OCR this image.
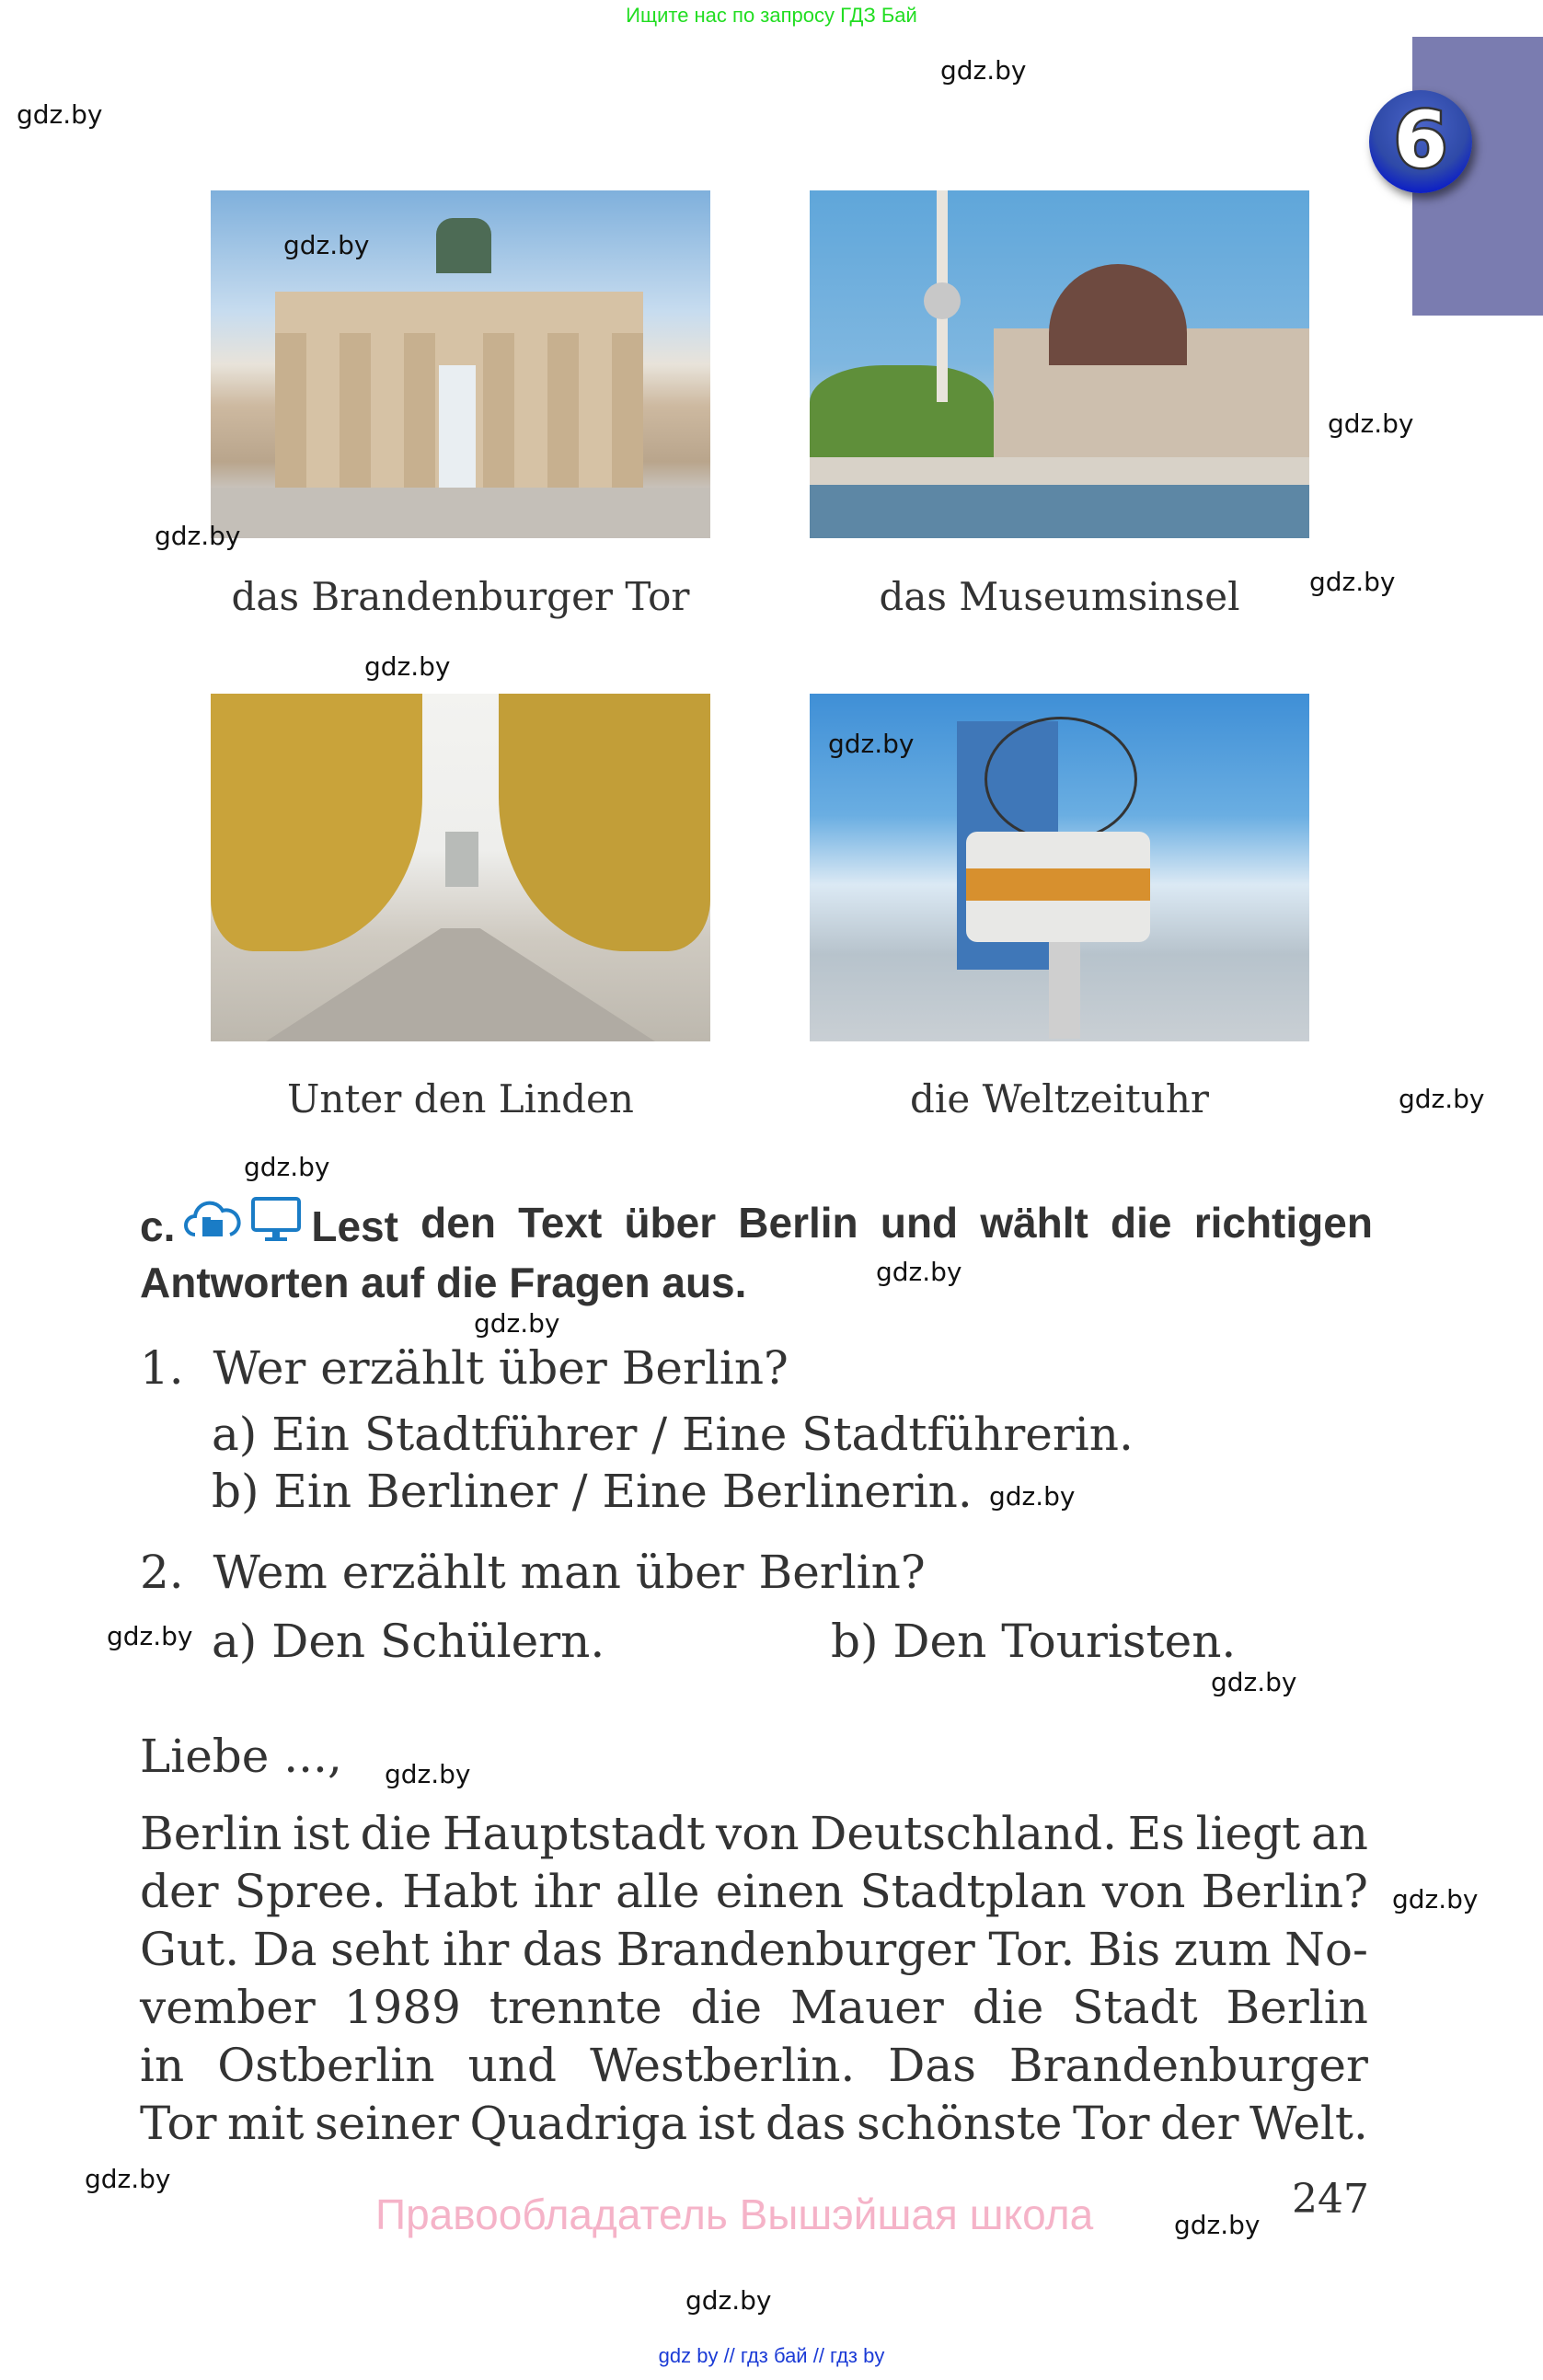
Ищите нас по запросу ГДЗ Бай
gdz.by
gdz.by	6
gdz.by
gdz.by
das Brandenburger Tor
gdz.by
gdz.by
das Museumsinsel
gdz.by
Unter den Linden
gdz.by
die Weltzeituhr	gdz.by
gdz.by
c.	Lest den Text über Berlin und wählt die richtigen
Antworten auf die Fragen aus.	gdz.by
gdz.by
1. Wer erzählt über Berlin?
a) Ein Stadtführer / Eine Stadtführerin.
b) Ein Berliner / Eine Berlinerin. gdz.by
2. Wem erzählt man über Berlin?
gdz.by a) Den Schülern.	b) Den Touristen.
gdz.by
Liebe ..., gdz.by
Berlin ist die Hauptstadt von Deutschland. Es liegt an
der Spree. Habt ihr alle einen Stadtplan von Berlin? gdz.by
Gut. Da seht ihr das Brandenburger Tor. Bis zum No-
vember 1989 trennte die Mauer die Stadt Berlin
in Ostberlin und Westberlin. Das Brandenburger
Tor mit seiner Quadriga ist das schönste Tor der Welt.
gdz.by
Правообладатель Вышэйшая школа	gdz.by
247
gdz.by
gdz by // гдз бай // гдз by
